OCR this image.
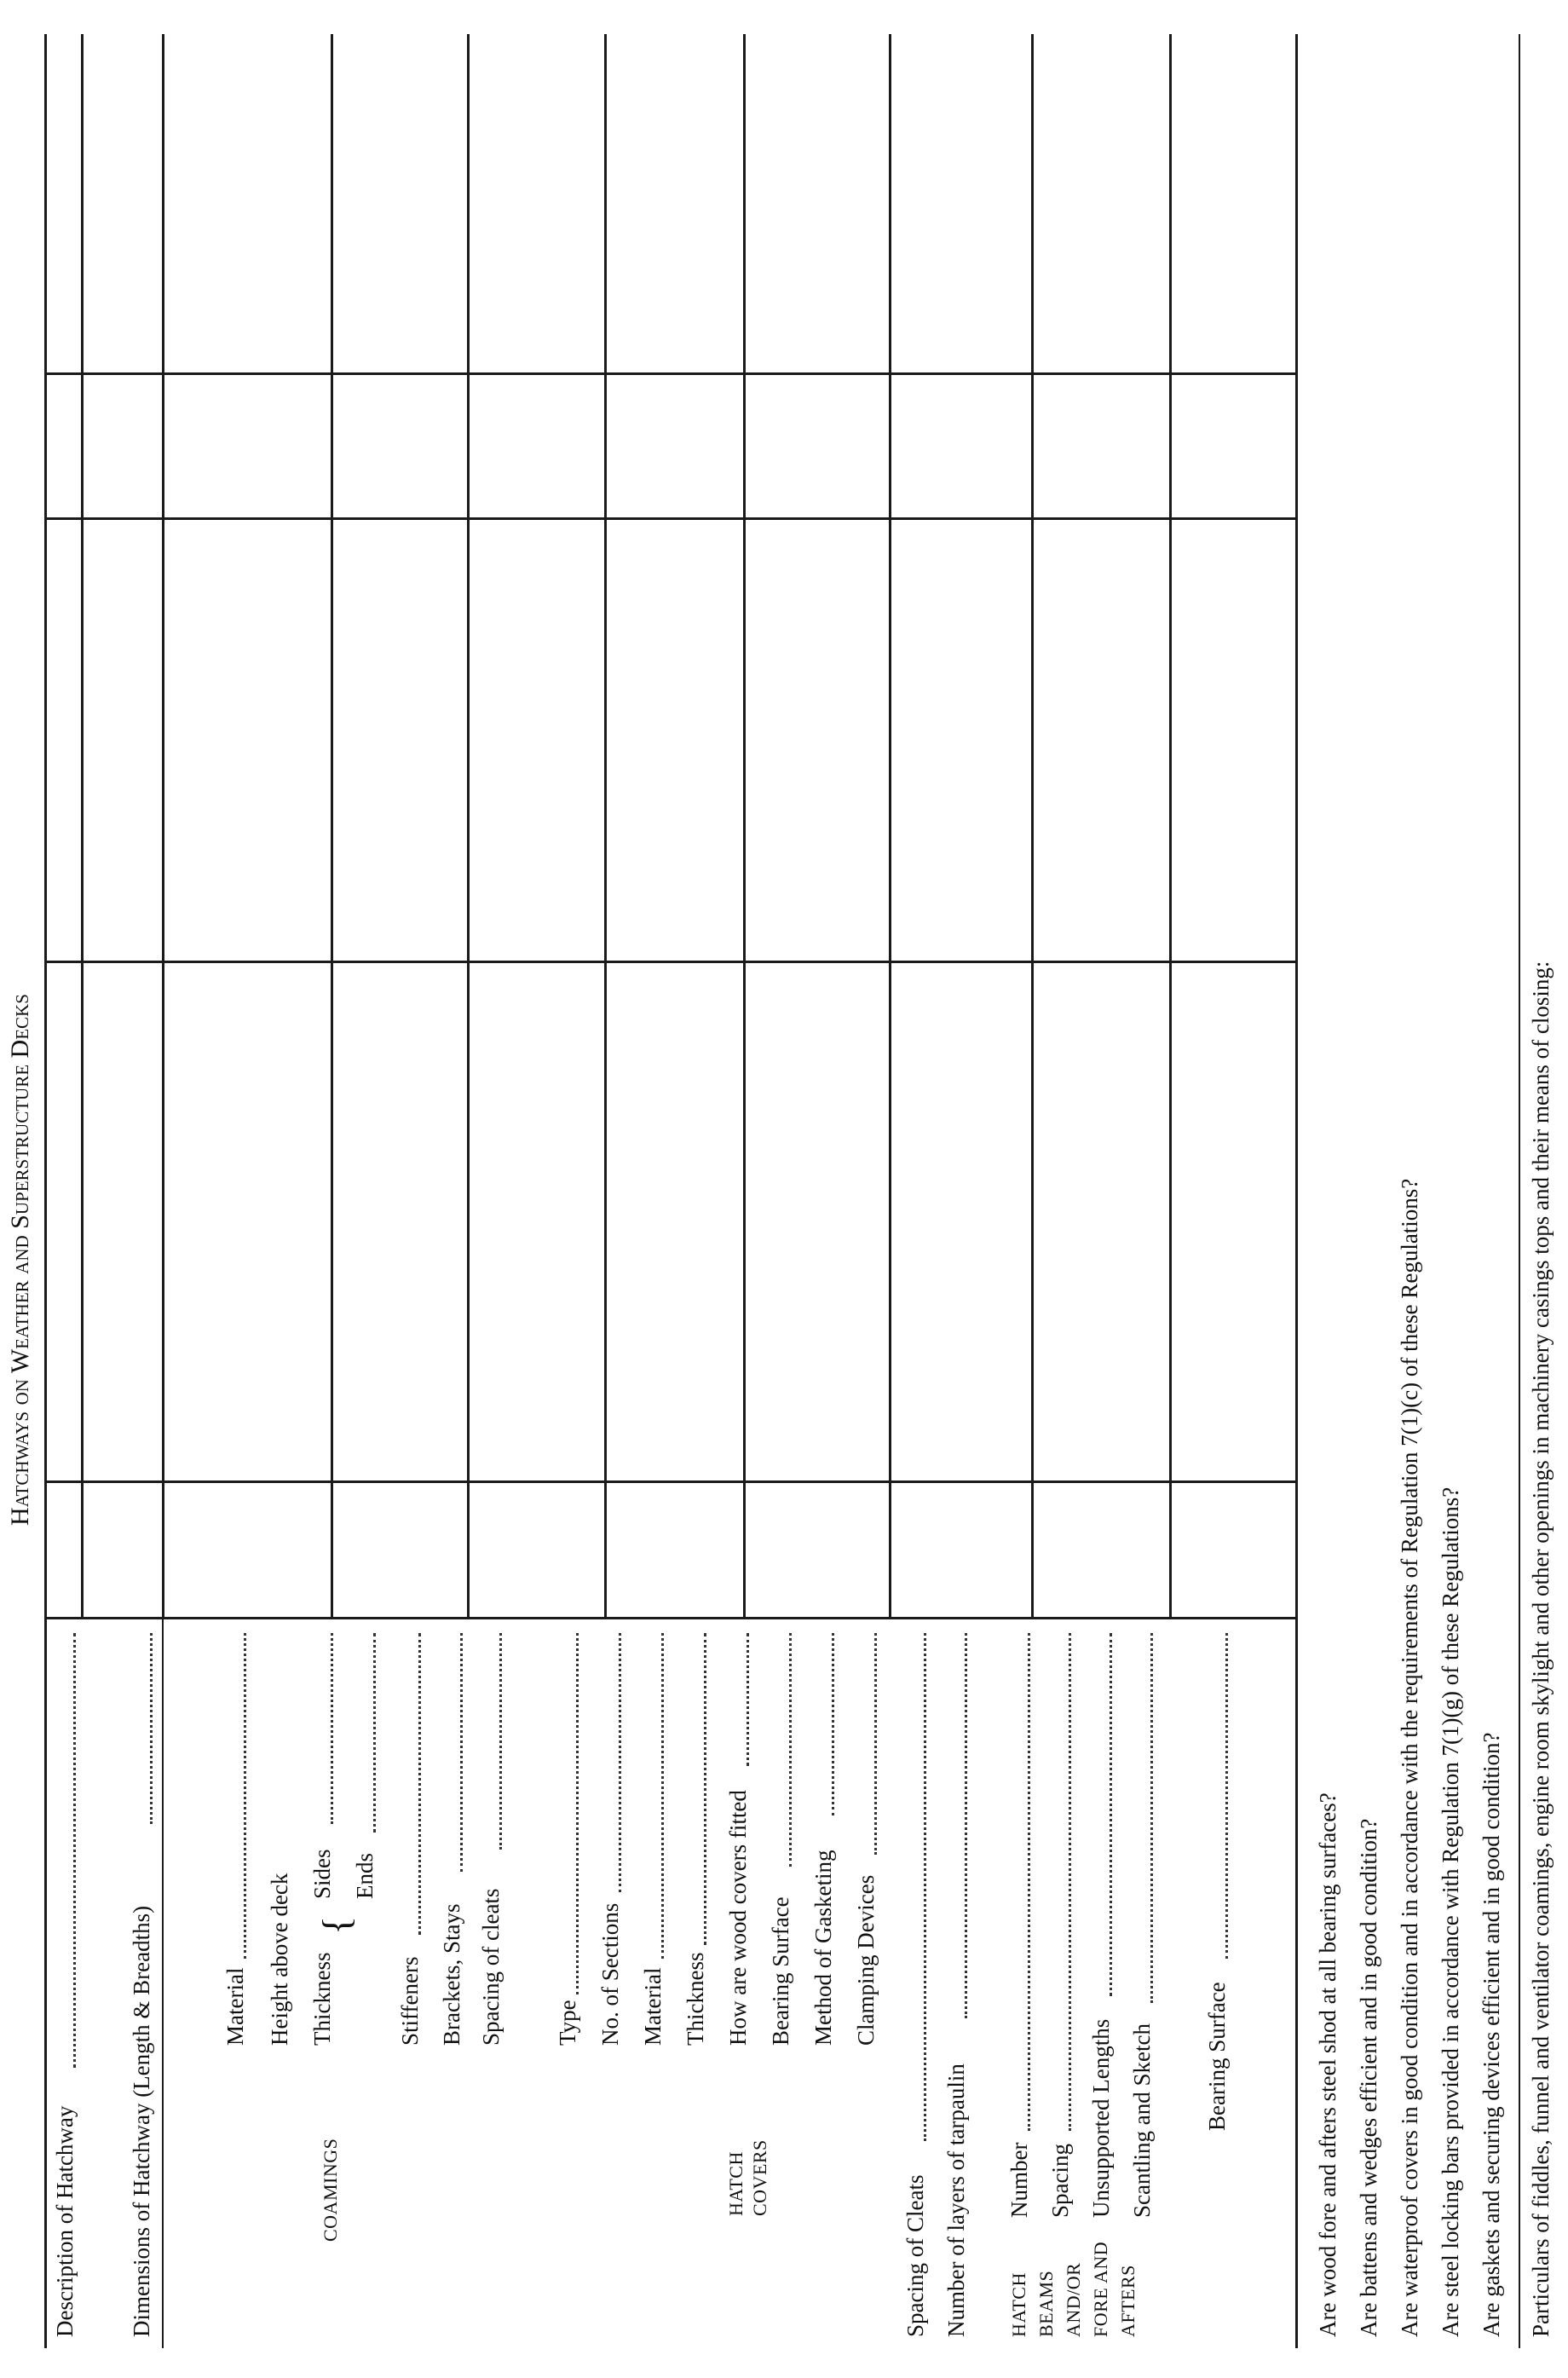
Hatchways on Weather and Superstructure Decks
Description of Hatchway Dimensions of Hatchway (Length & Breadths)	COAMINGS
Material Height above deck Thickness
{
Sides Ends
Stiffeners Brackets, Stays Spacing of cleats
HATCH COVERS
Type No. of Sections Material Thickness How are wood covers fitted Bearing Surface Method of Gasketing Clamping Devices
Spacing of Cleats Number of layers of tarpaulin HATCH BEAMS AND/OR FORE AND AFTERS
Number Spacing Unsupported Lengths Scantling and Sketch Bearing Surface	Are wood fore and afters steel shod at all bearing surfaces? Are battens and wedges efficient and in good condition? Are waterproof covers in good condition and in accordance with the requirements of Regulation 7(1)(c) of these Regulations? Are steel locking bars provided in accordance with Regulation 7(1)(g) of these Regulations? Are gaskets and securing devices efficient and in good condition? Particulars of fiddles, funnel and ventilator coamings, engine room skylight and other openings in machinery casings tops and their means of closing:
